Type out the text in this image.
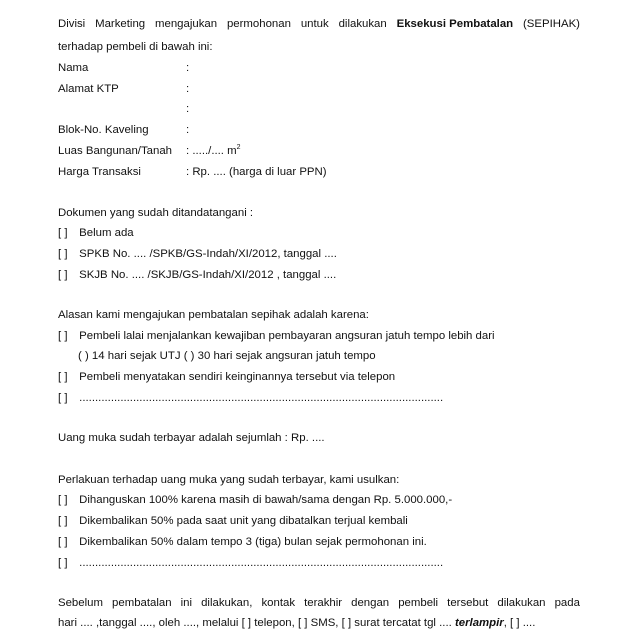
Divisi Marketing mengajukan permohonan untuk dilakukan Eksekusi Pembatalan (SEPIHAK)
terhadap pembeli di bawah ini:
Nama	:
Alamat KTP	:
:
Blok-No. Kaveling	:
Luas Bangunan/Tanah : ...../.... $m^2$
Harga Transaksi	: Rp. .... (harga di luar PPN)
Dokumen yang sudah ditandatangani :
[ ] Belum ada
[ ] SPKB No. .... /SPKB/GS-Indah/XI/2012, tanggal ....
[ ] SKJB No. .... /SKJB/GS-Indah/XI/2012 , tanggal ....
Alasan kami mengajukan pembatalan sepihak adalah karena:
[ ] Pembeli lalai menjalankan kewajiban pembayaran angsuran jatuh tempo lebih dari
( ) 14 hari sejak UTJ ( ) 30 hari sejak angsuran jatuh tempo
[ ] Pembeli menyatakan sendiri keinginannya tersebut via telepon
[ ] ...................................................................................................................
Uang muka sudah terbayar adalah sejumlah : Rp. ....
Perlakuan terhadap uang muka yang sudah terbayar, kami usulkan:
[ ] Dihanguskan 100% karena masih di bawah/sama dengan Rp. 5.000.000,-
[ ] Dikembalikan 50% pada saat unit yang dibatalkan terjual kembali
[ ] Dikembalikan 50% dalam tempo 3 (tiga) bulan sejak permohonan ini.
[ ] ...................................................................................................................
Sebelum pembatalan ini dilakukan, kontak terakhir dengan pembeli tersebut dilakukan pada
hari .... ,tanggal ...., oleh ...., melalui [ ] telepon, [ ] SMS, [ ] surat tercatat tgl .... terlampir, [ ] ....
